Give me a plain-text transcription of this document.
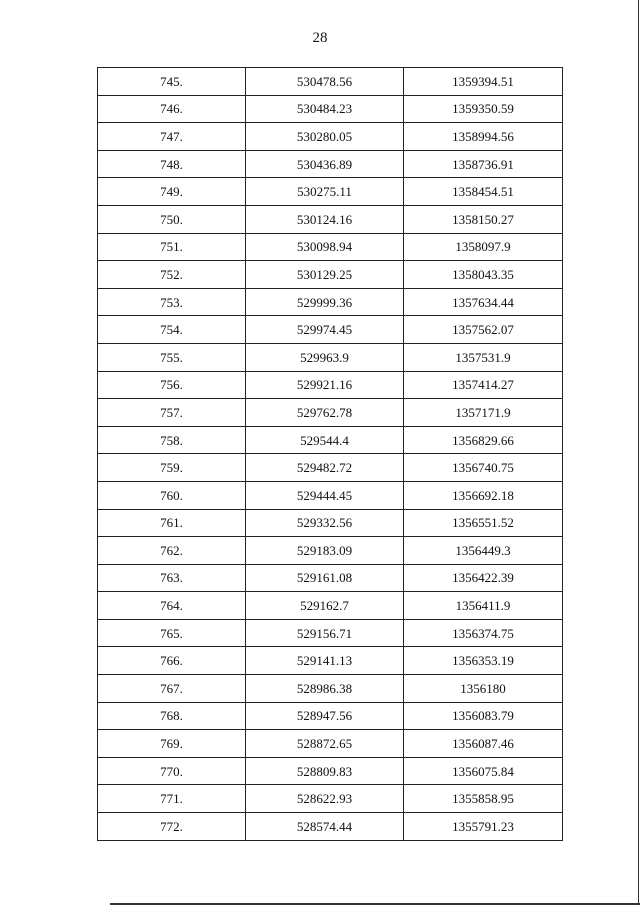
28
745.	530478.56	1359394.51
746.	530484.23	1359350.59
747.	530280.05	1358994.56
748.	530436.89	1358736.91
749.	530275.11	1358454.51
750.	530124.16	1358150.27
751.	530098.94	1358097.9
752.	530129.25	1358043.35
753.	529999.36	1357634.44
754.	529974.45	1357562.07
755.	529963.9	1357531.9
756.	529921.16	1357414.27
757.	529762.78	1357171.9
758.	529544.4	1356829.66
759.	529482.72	1356740.75
760.	529444.45	1356692.18
761.	529332.56	1356551.52
762.	529183.09	1356449.3
763.	529161.08	1356422.39
764.	529162.7	1356411.9
765.	529156.71	1356374.75
766.	529141.13	1356353.19
767.	528986.38	1356180
768.	528947.56	1356083.79
769.	528872.65	1356087.46
770.	528809.83	1356075.84
771.	528622.93	1355858.95
772.	528574.44	1355791.23
